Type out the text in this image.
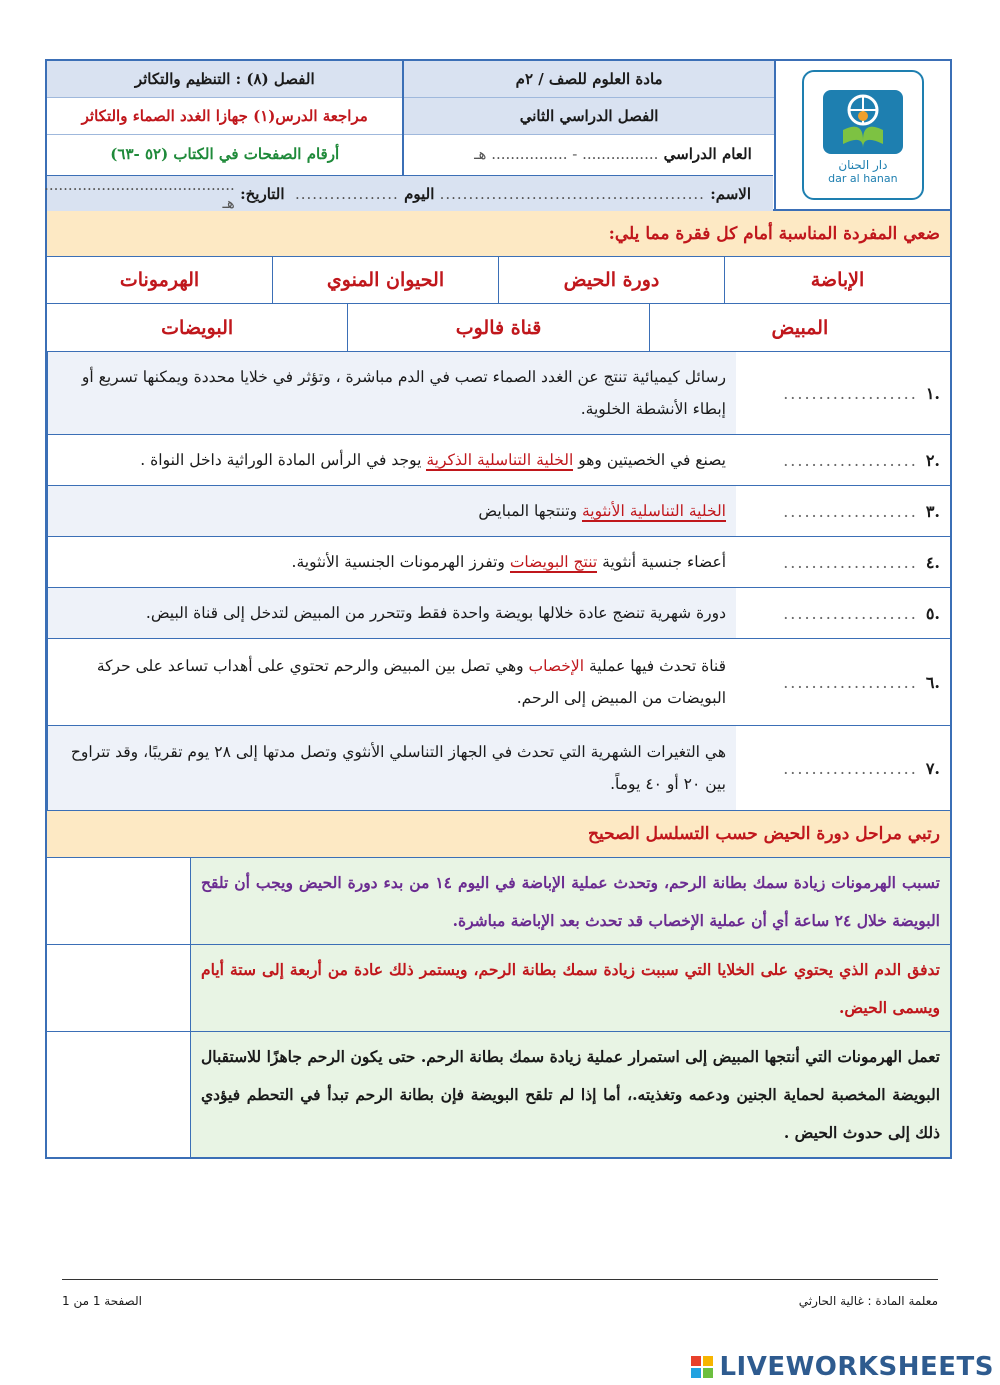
الفصل (٨) : التنظيم والتكاثر
مراجعة الدرس(١) جهازا الغدد الصماء والتكاثر
أرقام الصفحات في الكتاب (٥٢ -٦٣)
مادة العلوم للصف / ٢م
الفصل الدراسي الثاني
العام الدراسي

................ - ................ هـ
دار الحنان
dar al hanan
الاسم:

..............................................

اليوم

..................

التاريخ:

........................................ هـ
ضعي المفردة المناسبة أمام كل فقرة مما يلي:
الإباضة
دورة الحيض
الحيوان المنوي
الهرمونات
المبيض
قناة فالوب
البويضات
.١
...................
رسائل كيميائية تنتج عن الغدد الصماء تصب في الدم مباشرة ، وتؤثر في خلايا محددة ويمكنها تسريع أو إبطاء الأنشطة الخلوية.
.٢
...................
يصنع في الخصيتين وهو الخلية التناسلية الذكرية يوجد في الرأس المادة الوراثية داخل النواة .
.٣
...................
الخلية التناسلية الأنثوية وتنتجها المبايض
.٤
...................
أعضاء جنسية أنثوية تنتج البويضات وتفرز الهرمونات الجنسية الأنثوية.
.٥
...................
دورة شهرية تنضج عادة خلالها بويضة واحدة فقط وتتحرر من المبيض لتدخل إلى قناة البيض.
.٦
...................
قناة تحدث فيها عملية الإخصاب وهي تصل بين المبيض والرحم تحتوي على أهداب تساعد على حركة البويضات من المبيض إلى الرحم.
.٧
...................
هي التغيرات الشهرية التي تحدث في الجهاز التناسلي الأنثوي وتصل مدتها إلى ٢٨ يوم تقريبًا، وقد تتراوح بين ٢٠ أو ٤٠ يوماً.
رتبي مراحل دورة الحيض حسب التسلسل الصحيح
تسبب الهرمونات زيادة سمك بطانة الرحم، وتحدث عملية الإباضة في اليوم ١٤ من بدء دورة الحيض ويجب أن تلقح البويضة خلال ٢٤ ساعة أي أن عملية الإخصاب قد تحدث بعد الإباضة مباشرة.
تدفق الدم الذي يحتوي على الخلايا التي سببت زيادة سمك بطانة الرحم، ويستمر ذلك عادة من أربعة إلى ستة أيام ويسمى الحيض.
تعمل الهرمونات التي أنتجها المبيض إلى استمرار عملية زيادة سمك بطانة الرحم. حتى يكون الرحم جاهزًا للاستقبال البويضة المخصبة لحماية الجنين ودعمه وتغذيته.، أما إذا لم تلقح البويضة فإن بطانة الرحم تبدأ في التحطم فيؤدي ذلك إلى حدوث الحيض .
الصفحة 1 من 1	معلمة المادة : غالية الحارثي
LIVEWORKSHEETS
